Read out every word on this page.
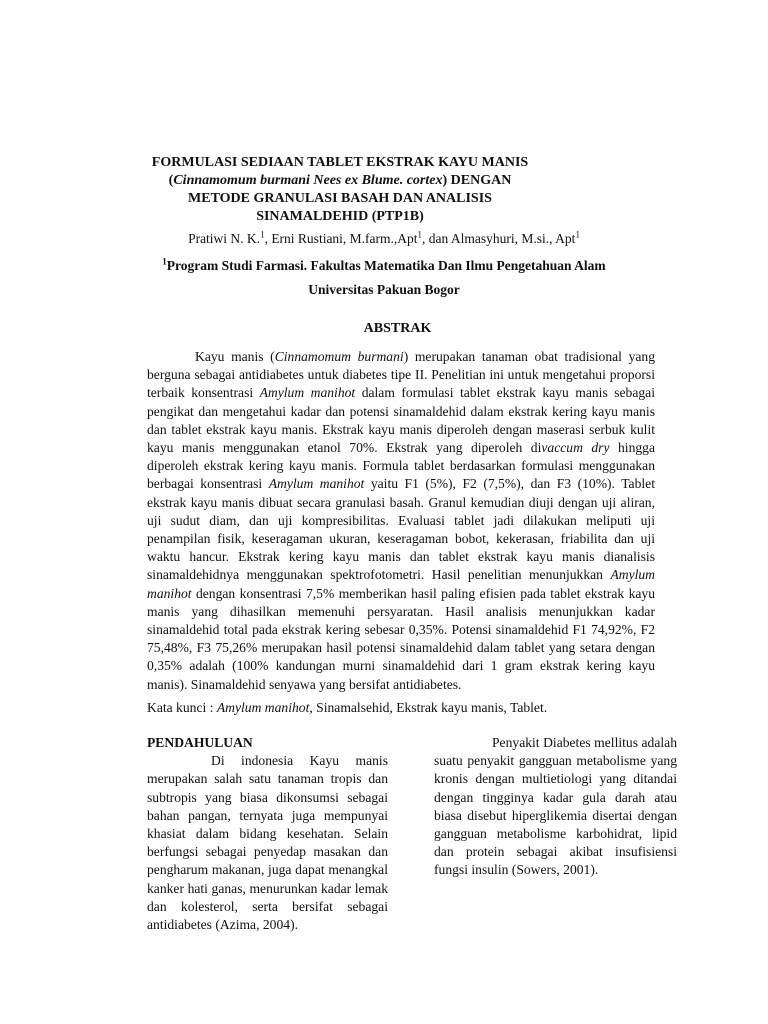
FORMULASI SEDIAAN TABLET EKSTRAK KAYU MANIS (Cinnamomum burmani Nees ex Blume. cortex) DENGAN METODE GRANULASI BASAH DAN ANALISIS SINAMALDEHID (PTP1B)
Pratiwi N. K.$^1$, Erni Rustiani, M.farm.,Apt$^1$, dan Almasyhuri, M.si., Apt$^1$
$^1$Program Studi Farmasi. Fakultas Matematika Dan Ilmu Pengetahuan Alam
Universitas Pakuan Bogor
ABSTRAK
Kayu manis (Cinnamomum burmani) merupakan tanaman obat tradisional yang berguna sebagai antidiabetes untuk diabetes tipe II. Penelitian ini untuk mengetahui proporsi terbaik konsentrasi Amylum manihot dalam formulasi tablet ekstrak kayu manis sebagai pengikat dan mengetahui kadar dan potensi sinamaldehid dalam ekstrak kering kayu manis dan tablet ekstrak kayu manis. Ekstrak kayu manis diperoleh dengan maserasi serbuk kulit kayu manis menggunakan etanol 70%. Ekstrak yang diperoleh divaccum dry hingga diperoleh ekstrak kering kayu manis. Formula tablet berdasarkan formulasi menggunakan berbagai konsentrasi Amylum manihot yaitu F1 (5%), F2 (7,5%), dan F3 (10%). Tablet ekstrak kayu manis dibuat secara granulasi basah. Granul kemudian diuji dengan uji aliran, uji sudut diam, dan uji kompresibilitas. Evaluasi tablet jadi dilakukan meliputi uji penampilan fisik, keseragaman ukuran, keseragaman bobot, kekerasan, friabilita dan uji waktu hancur. Ekstrak kering kayu manis dan tablet ekstrak kayu manis dianalisis sinamaldehidnya menggunakan spektrofotometri. Hasil penelitian menunjukkan Amylum manihot dengan konsentrasi 7,5% memberikan hasil paling efisien pada tablet ekstrak kayu manis yang dihasilkan memenuhi persyaratan. Hasil analisis menunjukkan kadar sinamaldehid total pada ekstrak kering sebesar 0,35%. Potensi sinamaldehid F1 74,92%, F2 75,48%, F3 75,26% merupakan hasil potensi sinamaldehid dalam tablet yang setara dengan 0,35% adalah (100% kandungan murni sinamaldehid dari 1 gram ekstrak kering kayu manis). Sinamaldehid senyawa yang bersifat antidiabetes.
Kata kunci : Amylum manihot, Sinamalsehid, Ekstrak kayu manis, Tablet.
PENDAHULUAN
Di indonesia Kayu manis merupakan salah satu tanaman tropis dan subtropis yang biasa dikonsumsi sebagai bahan pangan, ternyata juga mempunyai khasiat dalam bidang kesehatan. Selain berfungsi sebagai penyedap masakan dan pengharum makanan, juga dapat menangkal kanker hati ganas, menurunkan kadar lemak dan kolesterol, serta bersifat sebagai antidiabetes (Azima, 2004).
Penyakit Diabetes mellitus adalah suatu penyakit gangguan metabolisme yang kronis dengan multietiologi yang ditandai dengan tingginya kadar gula darah atau biasa disebut hiperglikemia disertai dengan gangguan metabolisme karbohidrat, lipid dan protein sebagai akibat insufisiensi fungsi insulin (Sowers, 2001).
